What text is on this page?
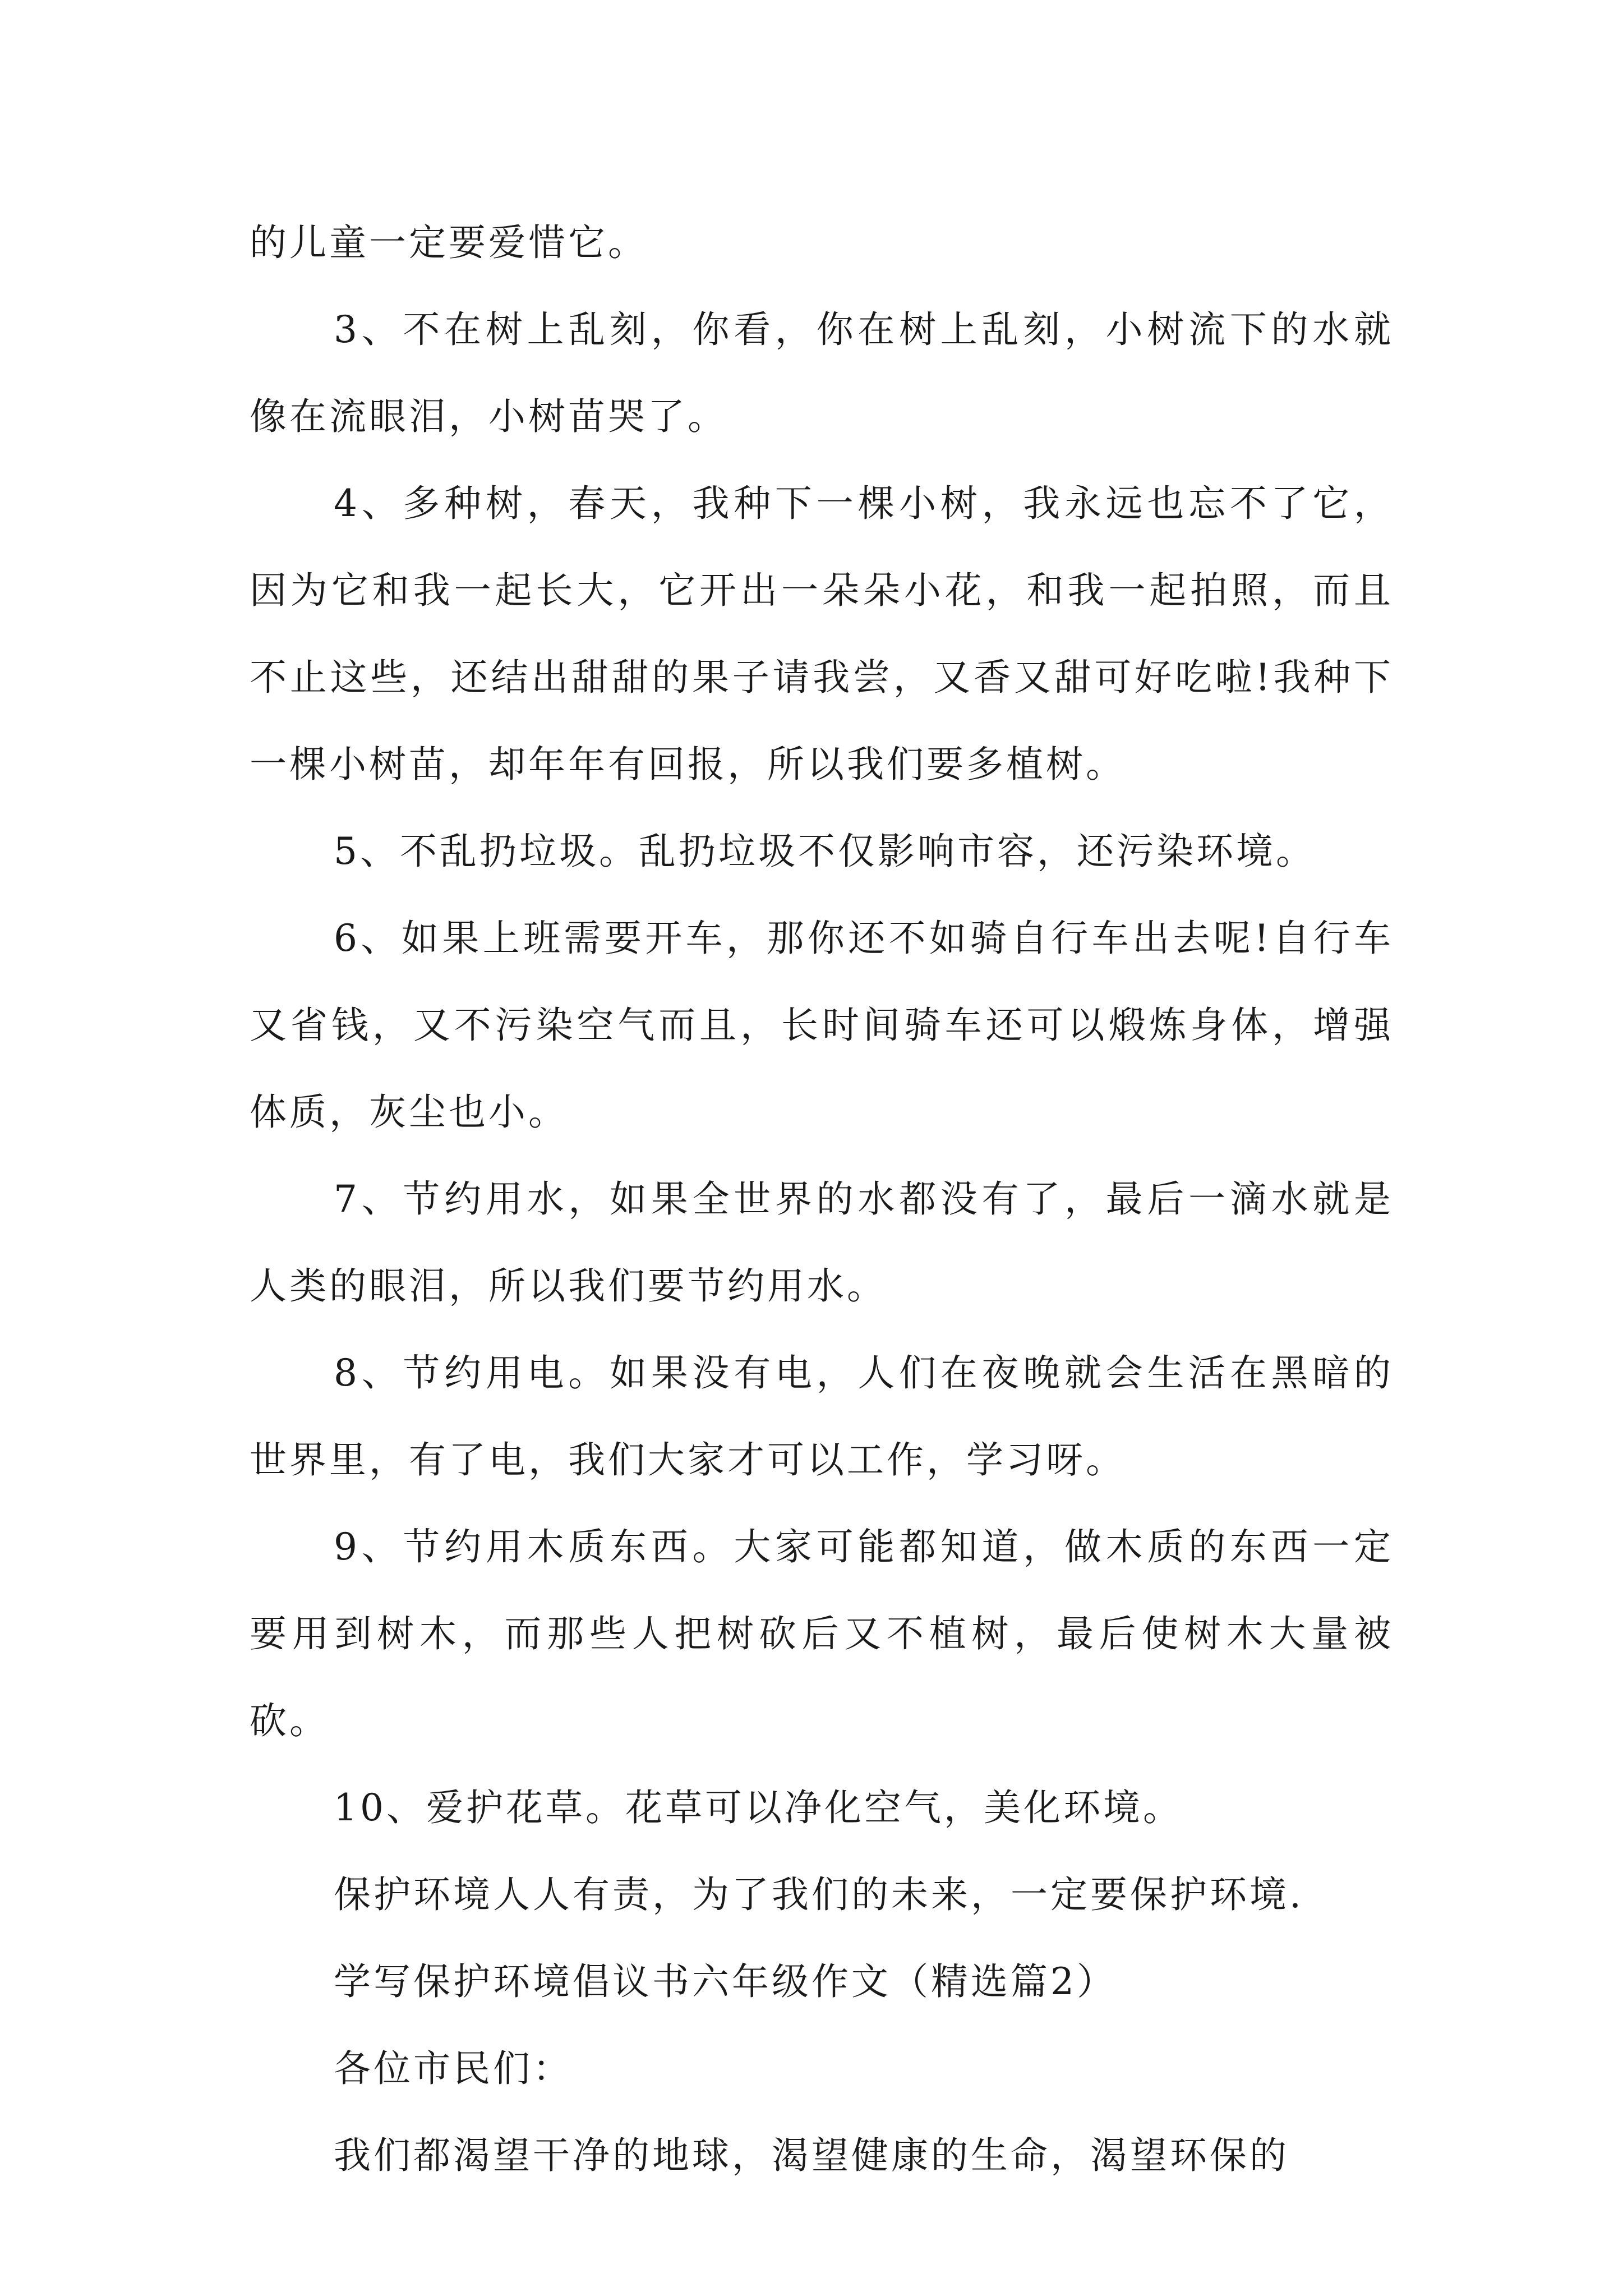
的儿童一定要爱惜它。

3、不在树上乱刻，你看，你在树上乱刻，小树流下的水就像在流眼泪，小树苗哭了。

4、多种树，春天，我种下一棵小树，我永远也忘不了它，因为它和我一起长大，它开出一朵朵小花，和我一起拍照，而且不止这些，还结出甜甜的果子请我尝，又香又甜可好吃啦!我种下一棵小树苗，却年年有回报，所以我们要多植树。

5、不乱扔垃圾。乱扔垃圾不仅影响市容，还污染环境。

6、如果上班需要开车，那你还不如骑自行车出去呢!自行车又省钱，又不污染空气而且，长时间骑车还可以煅炼身体，增强体质，灰尘也小。

7、节约用水，如果全世界的水都没有了，最后一滴水就是人类的眼泪，所以我们要节约用水。

8、节约用电。如果没有电，人们在夜晚就会生活在黑暗的世界里，有了电，我们大家才可以工作，学习呀。

9、节约用木质东西。大家可能都知道，做木质的东西一定要用到树木，而那些人把树砍后又不植树，最后使树木大量被砍。

10、爱护花草。花草可以净化空气，美化环境。

保护环境人人有责，为了我们的未来，一定要保护环境.

学写保护环境倡议书六年级作文（精选篇2）

各位市民们：

我们都渴望干净的地球，渴望健康的生命，渴望环保的
